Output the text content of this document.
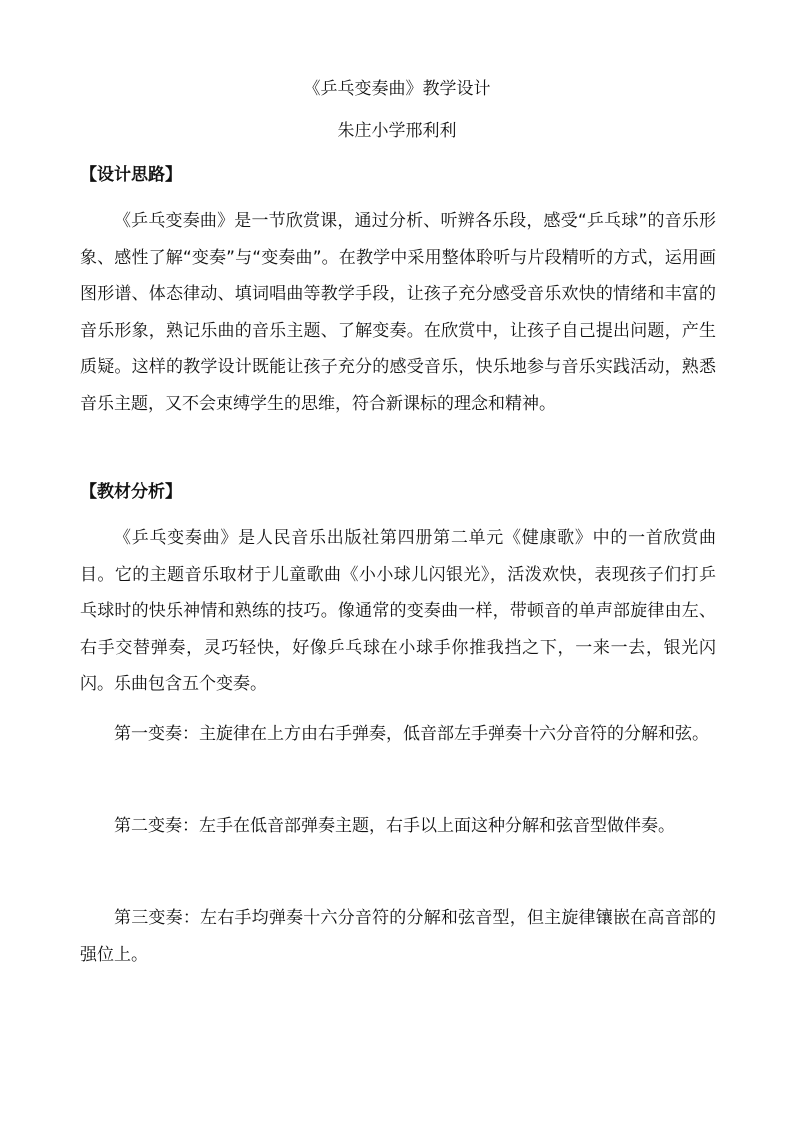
《乒乓变奏曲》教学设计

朱庄小学邢利利

【设计思路】

《乒乓变奏曲》是一节欣赏课，通过分析、听辨各乐段，感受“乒乓球”的音乐形象、感性了解“变奏”与“变奏曲”。在教学中采用整体聆听与片段精听的方式，运用画图形谱、体态律动、填词唱曲等教学手段，让孩子充分感受音乐欢快的情绪和丰富的音乐形象，熟记乐曲的音乐主题、了解变奏。在欣赏中，让孩子自己提出问题，产生质疑。这样的教学设计既能让孩子充分的感受音乐，快乐地参与音乐实践活动，熟悉音乐主题，又不会束缚学生的思维，符合新课标的理念和精神。

【教材分析】

《乒乓变奏曲》是人民音乐出版社第四册第二单元《健康歌》中的一首欣赏曲目。它的主题音乐取材于儿童歌曲《小小球儿闪银光》，活泼欢快，表现孩子们打乒乓球时的快乐神情和熟练的技巧。像通常的变奏曲一样，带顿音的单声部旋律由左、右手交替弹奏，灵巧轻快，好像乒乓球在小球手你推我挡之下，一来一去，银光闪闪。乐曲包含五个变奏。

第一变奏：主旋律在上方由右手弹奏，低音部左手弹奏十六分音符的分解和弦。

第二变奏：左手在低音部弹奏主题，右手以上面这种分解和弦音型做伴奏。

第三变奏：左右手均弹奏十六分音符的分解和弦音型，但主旋律镶嵌在高音部的强位上。
